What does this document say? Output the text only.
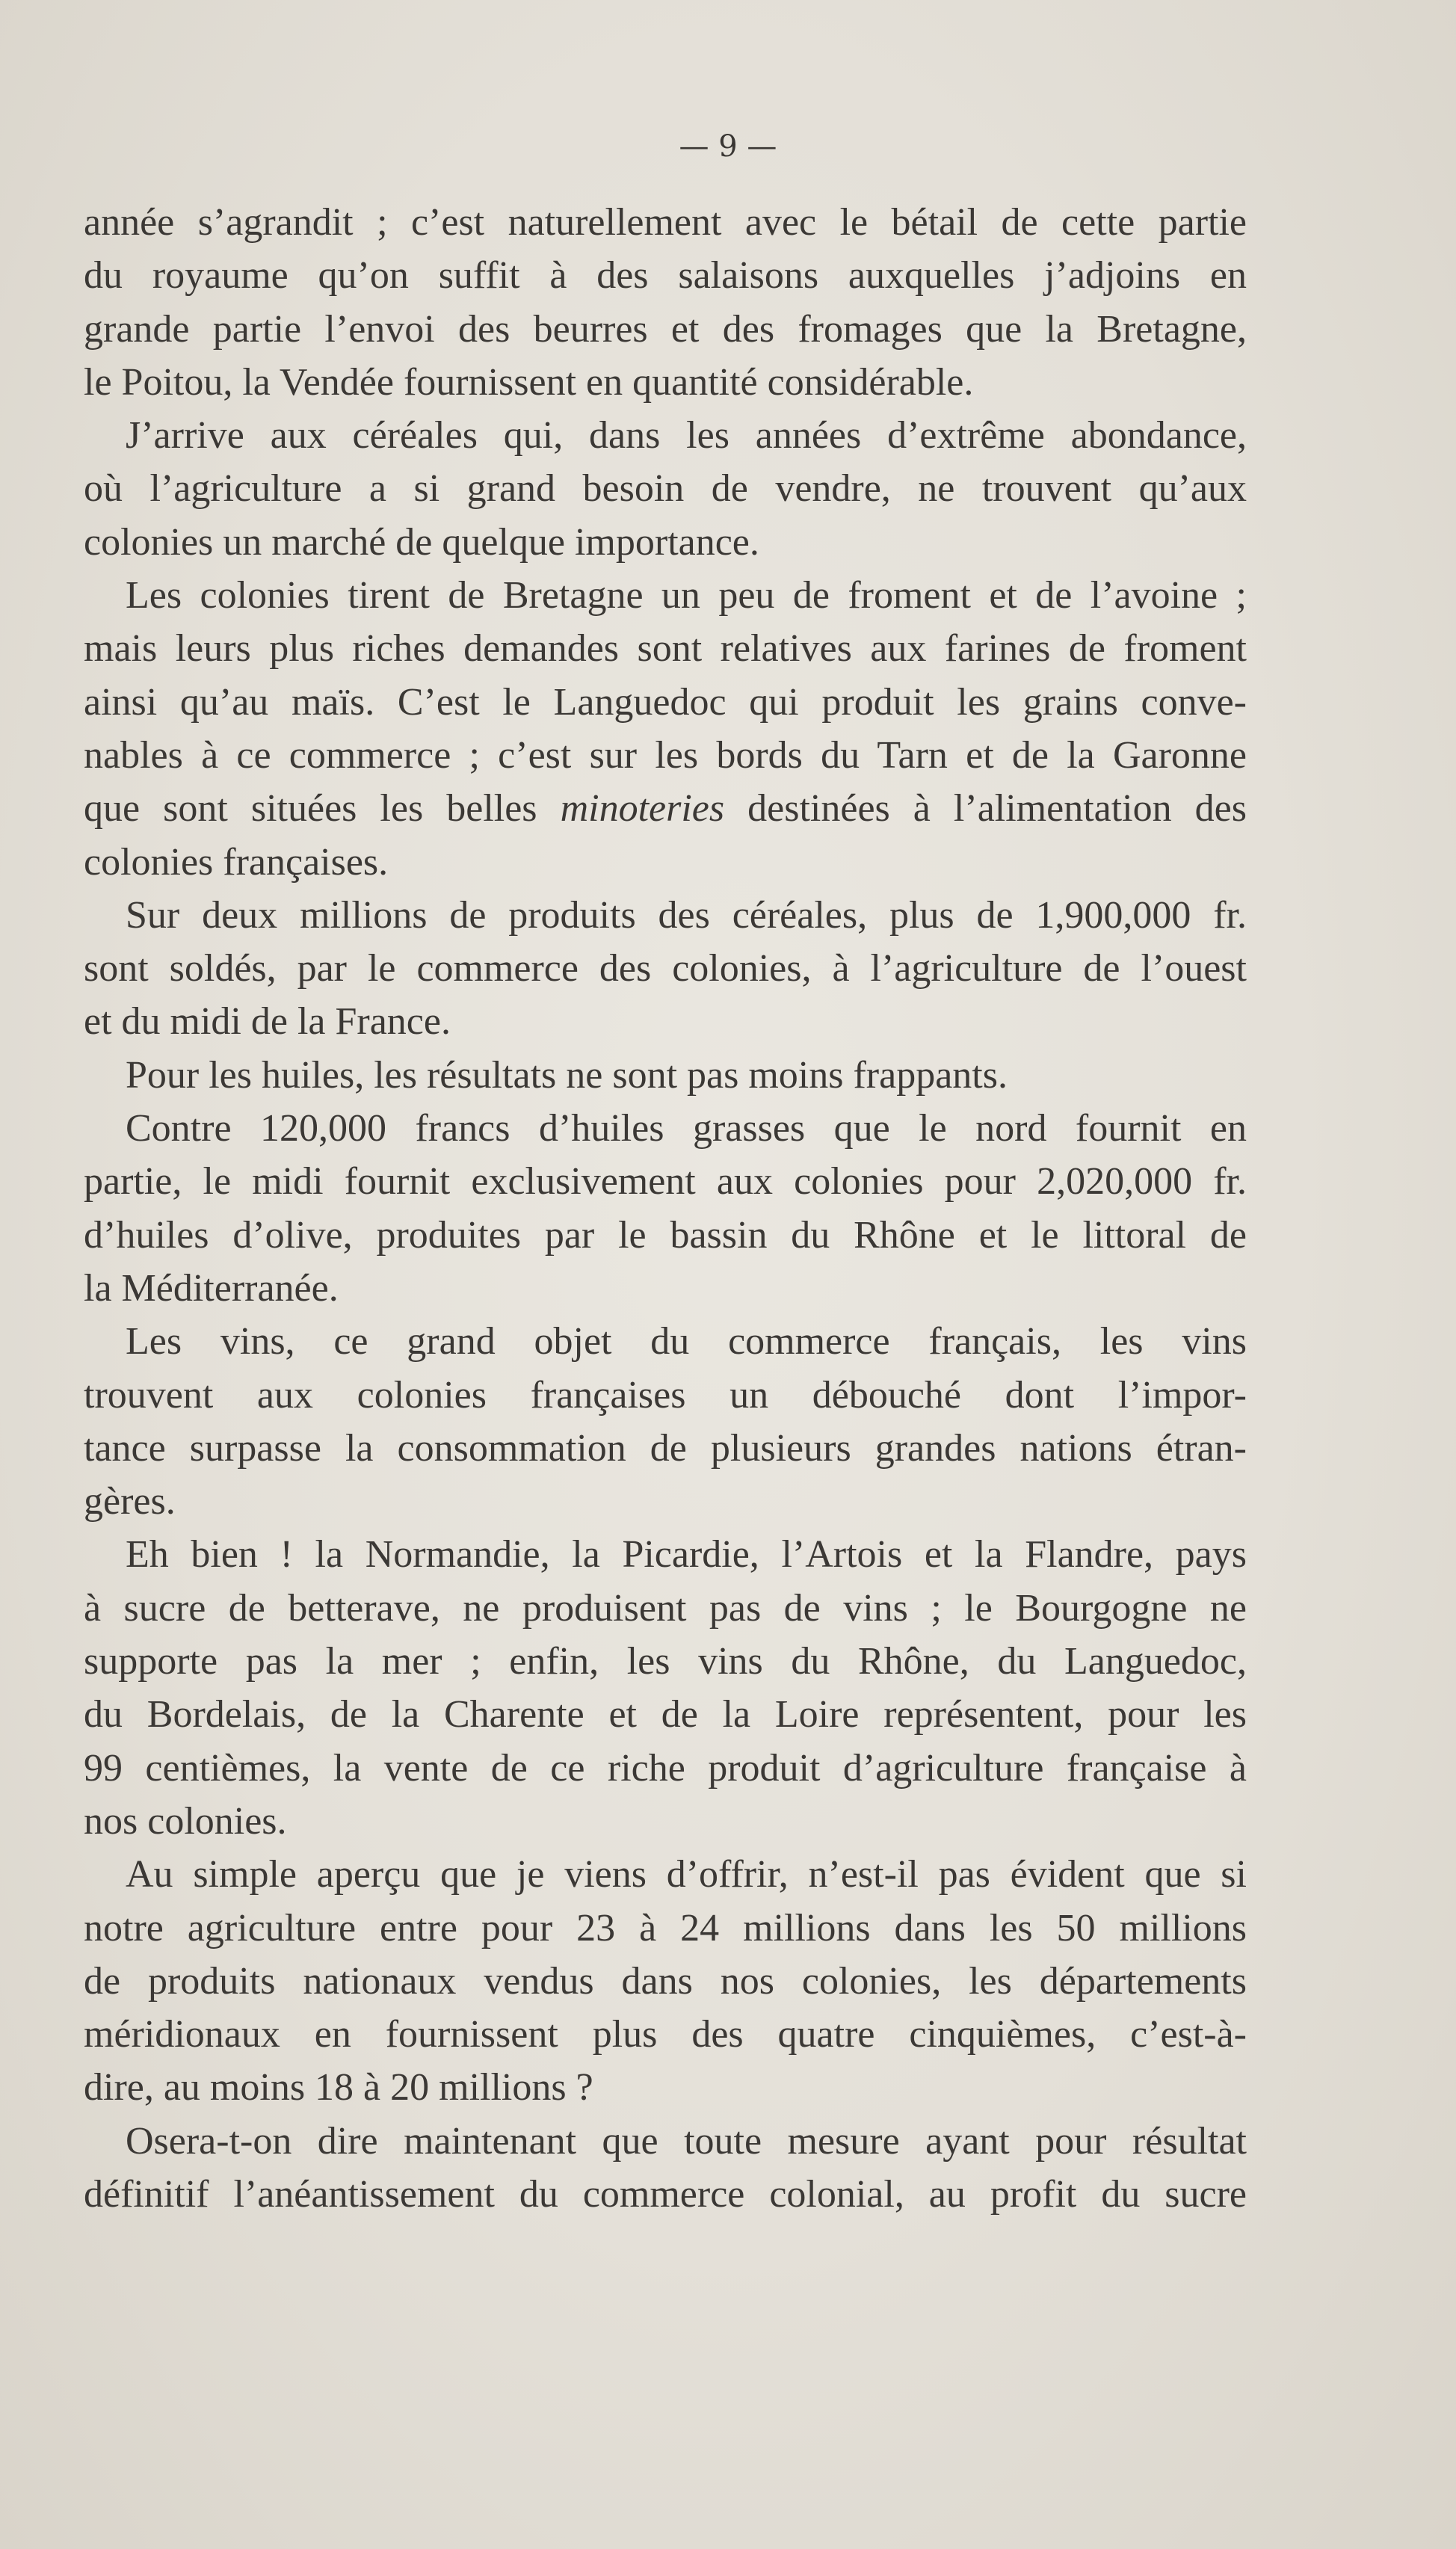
— 9 —
année s’agrandit ; c’est naturellement avec le bétail de cette partie
du royaume qu’on suffit à des salaisons auxquelles j’adjoins en
grande partie l’envoi des beurres et des fromages que la Bretagne,
le Poitou, la Vendée fournissent en quantité considérable.
J’arrive aux céréales qui, dans les années d’extrême abondance,
où l’agriculture a si grand besoin de vendre, ne trouvent qu’aux
colonies un marché de quelque importance.
Les colonies tirent de Bretagne un peu de froment et de l’avoine ;
mais leurs plus riches demandes sont relatives aux farines de froment
ainsi qu’au maïs. C’est le Languedoc qui produit les grains conve-
nables à ce commerce ; c’est sur les bords du Tarn et de la Garonne
que sont situées les belles minoteries destinées à l’alimentation des
colonies françaises.
Sur deux millions de produits des céréales, plus de 1,900,000 fr.
sont soldés, par le commerce des colonies, à l’agriculture de l’ouest
et du midi de la France.
Pour les huiles, les résultats ne sont pas moins frappants.
Contre 120,000 francs d’huiles grasses que le nord fournit en
partie, le midi fournit exclusivement aux colonies pour 2,020,000 fr.
d’huiles d’olive, produites par le bassin du Rhône et le littoral de
la Méditerranée.
Les vins, ce grand objet du commerce français, les vins
trouvent aux colonies françaises un débouché dont l’impor-
tance surpasse la consommation de plusieurs grandes nations étran-
gères.
Eh bien ! la Normandie, la Picardie, l’Artois et la Flandre, pays
à sucre de betterave, ne produisent pas de vins ; le Bourgogne ne
supporte pas la mer ; enfin, les vins du Rhône, du Languedoc,
du Bordelais, de la Charente et de la Loire représentent, pour les
99 centièmes, la vente de ce riche produit d’agriculture française à
nos colonies.
Au simple aperçu que je viens d’offrir, n’est-il pas évident que si
notre agriculture entre pour 23 à 24 millions dans les 50 millions
de produits nationaux vendus dans nos colonies, les départements
méridionaux en fournissent plus des quatre cinquièmes, c’est-à-
dire, au moins 18 à 20 millions ?
Osera-t-on dire maintenant que toute mesure ayant pour résultat
définitif l’anéantissement du commerce colonial, au profit du sucre
